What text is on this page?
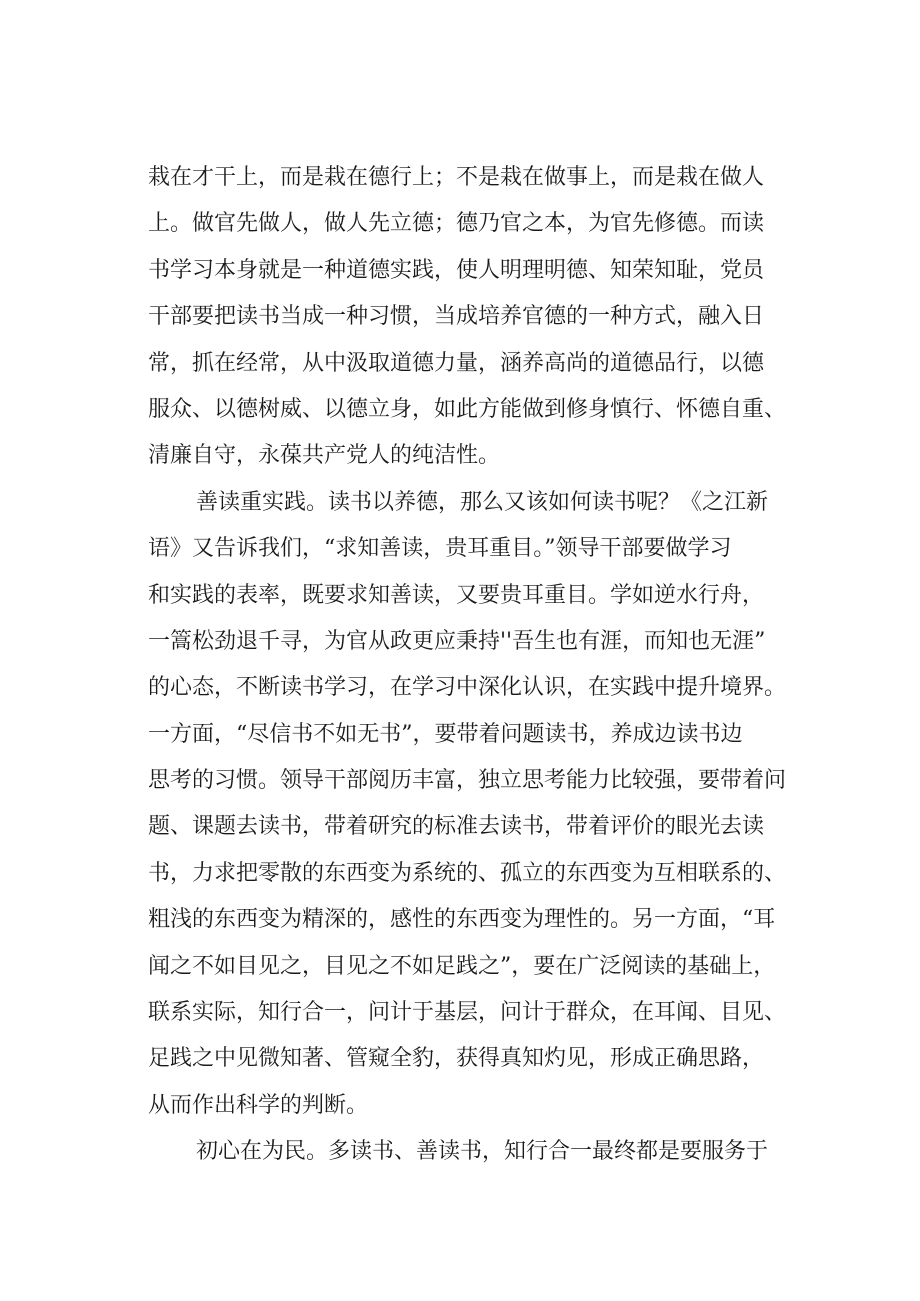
栽在才干上，而是栽在德行上；不是栽在做事上，而是栽在做人
上。做官先做人，做人先立德；德乃官之本，为官先修德。而读
书学习本身就是一种道德实践，使人明理明德、知荣知耻，党员
干部要把读书当成一种习惯，当成培养官德的一种方式，融入日
常，抓在经常，从中汲取道德力量，涵养高尚的道德品行，以德
服众、以德树威、以德立身，如此方能做到修身慎行、怀德自重、
清廉自守，永葆共产党人的纯洁性。
善读重实践。读书以养德，那么又该如何读书呢？《之江新
语》又告诉我们，“求知善读，贵耳重目。”领导干部要做学习
和实践的表率，既要求知善读，又要贵耳重目。学如逆水行舟，
一篙松劲退千寻，为官从政更应秉持''吾生也有涯，而知也无涯”
的心态，不断读书学习，在学习中深化认识，在实践中提升境界。
一方面，“尽信书不如无书”，要带着问题读书，养成边读书边
思考的习惯。领导干部阅历丰富，独立思考能力比较强，要带着问
题、课题去读书，带着研究的标准去读书，带着评价的眼光去读
书，力求把零散的东西变为系统的、孤立的东西变为互相联系的、
粗浅的东西变为精深的，感性的东西变为理性的。另一方面，“耳
闻之不如目见之，目见之不如足践之”，要在广泛阅读的基础上，
联系实际，知行合一，问计于基层，问计于群众，在耳闻、目见、
足践之中见微知著、管窥全豹，获得真知灼见，形成正确思路，
从而作出科学的判断。
初心在为民。多读书、善读书，知行合一最终都是要服务于
